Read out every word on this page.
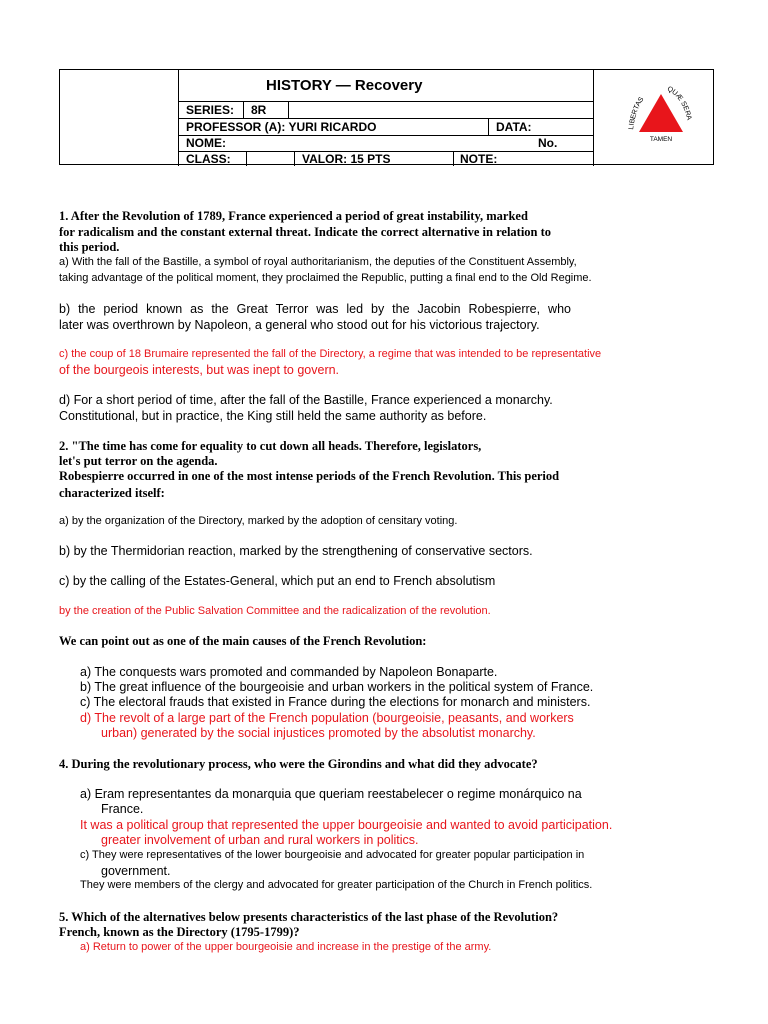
HISTORY — Recovery
SERIES: 8R
PROFESSOR (A): YURI RICARDO	DATA:
NOME:	No.
CLASS:	VALOR: 15 PTS	NOTE:
LIBERTAS
QUÆ SERA
TAMEN
1. After the Revolution of 1789, France experienced a period of great instability, marked
for radicalism and the constant external threat. Indicate the correct alternative in relation to
this period.
a) With the fall of the Bastille, a symbol of royal authoritarianism, the deputies of the Constituent Assembly,
taking advantage of the political moment, they proclaimed the Republic, putting a final end to the Old Regime.
b) the period known as the Great Terror was led by the Jacobin Robespierre, who
later was overthrown by Napoleon, a general who stood out for his victorious trajectory.
c) the coup of 18 Brumaire represented the fall of the Directory, a regime that was intended to be representative
of the bourgeois interests, but was inept to govern.
d) For a short period of time, after the fall of the Bastille, France experienced a monarchy.
Constitutional, but in practice, the King still held the same authority as before.
2. "The time has come for equality to cut down all heads. Therefore, legislators,
let's put terror on the agenda.
Robespierre occurred in one of the most intense periods of the French Revolution. This period
characterized itself:
a) by the organization of the Directory, marked by the adoption of censitary voting.
b) by the Thermidorian reaction, marked by the strengthening of conservative sectors.
c) by the calling of the Estates-General, which put an end to French absolutism
by the creation of the Public Salvation Committee and the radicalization of the revolution.
We can point out as one of the main causes of the French Revolution:
a) The conquests wars promoted and commanded by Napoleon Bonaparte.
b) The great influence of the bourgeoisie and urban workers in the political system of France.
c) The electoral frauds that existed in France during the elections for monarch and ministers.
d) The revolt of a large part of the French population (bourgeoisie, peasants, and workers
urban) generated by the social injustices promoted by the absolutist monarchy.
4. During the revolutionary process, who were the Girondins and what did they advocate?
a) Eram representantes da monarquia que queriam reestabelecer o regime monárquico na
France.
It was a political group that represented the upper bourgeoisie and wanted to avoid participation.
greater involvement of urban and rural workers in politics.
c) They were representatives of the lower bourgeoisie and advocated for greater popular participation in
government.
They were members of the clergy and advocated for greater participation of the Church in French politics.
5. Which of the alternatives below presents characteristics of the last phase of the Revolution?
French, known as the Directory (1795-1799)?
a) Return to power of the upper bourgeoisie and increase in the prestige of the army.
